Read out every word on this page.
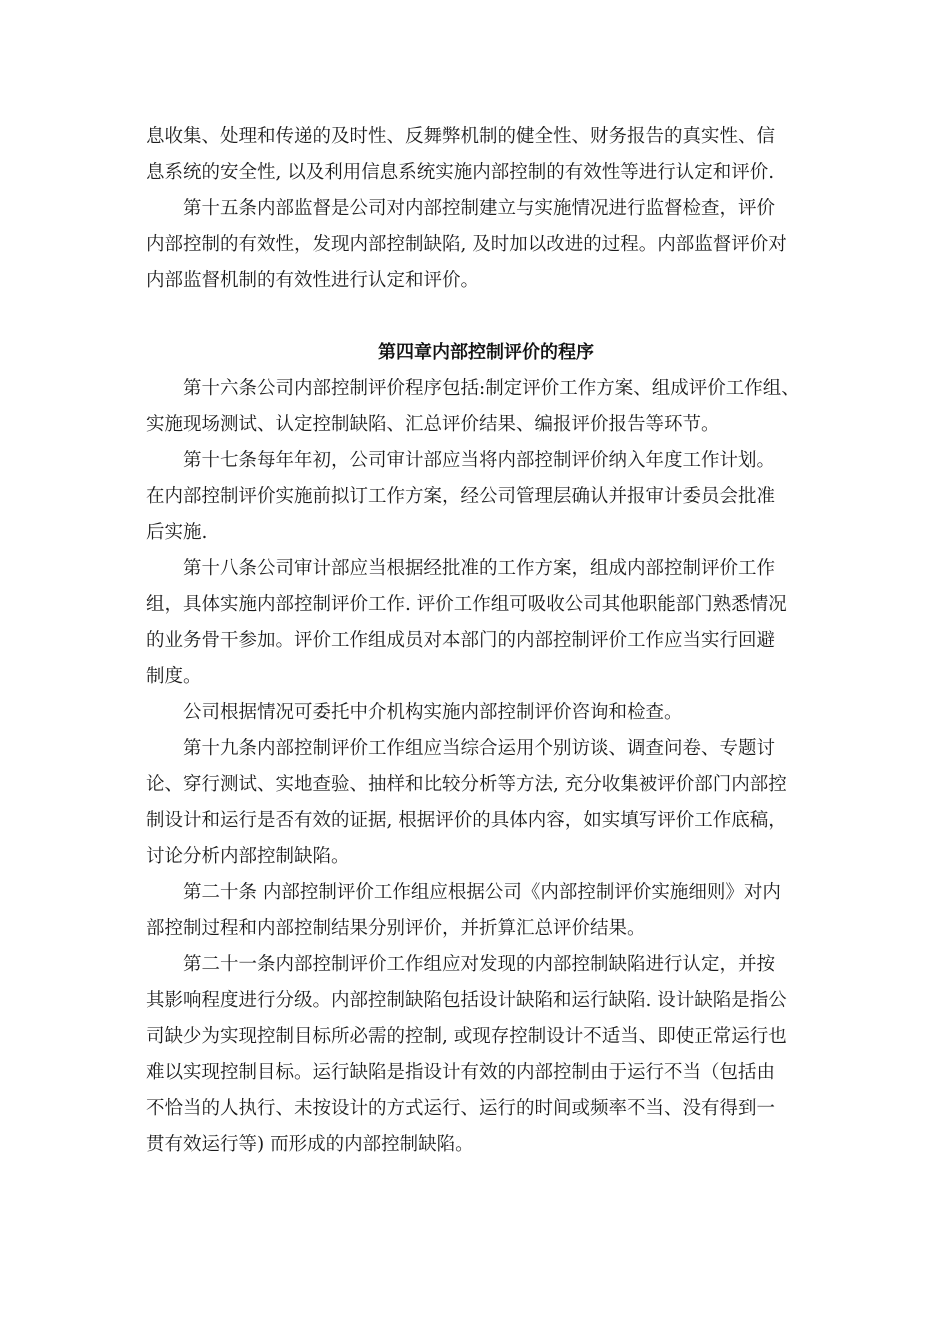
息收集、处理和传递的及时性、反舞弊机制的健全性、财务报告的真实性、信
息系统的安全性, 以及利用信息系统实施内部控制的有效性等进行认定和评价.
第十五条内部监督是公司对内部控制建立与实施情况进行监督检查，评价
内部控制的有效性，发现内部控制缺陷, 及时加以改进的过程。内部监督评价对
内部监督机制的有效性进行认定和评价。
第四章内部控制评价的程序
第十六条公司内部控制评价程序包括:制定评价工作方案、组成评价工作组、
实施现场测试、认定控制缺陷、汇总评价结果、编报评价报告等环节。
第十七条每年年初，公司审计部应当将内部控制评价纳入年度工作计划。
在内部控制评价实施前拟订工作方案，经公司管理层确认并报审计委员会批准
后实施.
第十八条公司审计部应当根据经批准的工作方案，组成内部控制评价工作
组，具体实施内部控制评价工作. 评价工作组可吸收公司其他职能部门熟悉情况
的业务骨干参加。评价工作组成员对本部门的内部控制评价工作应当实行回避
制度。
公司根据情况可委托中介机构实施内部控制评价咨询和检查。
第十九条内部控制评价工作组应当综合运用个别访谈、调查问卷、专题讨
论、穿行测试、实地查验、抽样和比较分析等方法, 充分收集被评价部门内部控
制设计和运行是否有效的证据, 根据评价的具体内容，如实填写评价工作底稿，
讨论分析内部控制缺陷。
第二十条 内部控制评价工作组应根据公司《内部控制评价实施细则》对内
部控制过程和内部控制结果分别评价，并折算汇总评价结果。
第二十一条内部控制评价工作组应对发现的内部控制缺陷进行认定，并按
其影响程度进行分级。内部控制缺陷包括设计缺陷和运行缺陷. 设计缺陷是指公
司缺少为实现控制目标所必需的控制, 或现存控制设计不适当、即使正常运行也
难以实现控制目标。运行缺陷是指设计有效的内部控制由于运行不当（包括由
不恰当的人执行、未按设计的方式运行、运行的时间或频率不当、没有得到一
贯有效运行等) 而形成的内部控制缺陷。
